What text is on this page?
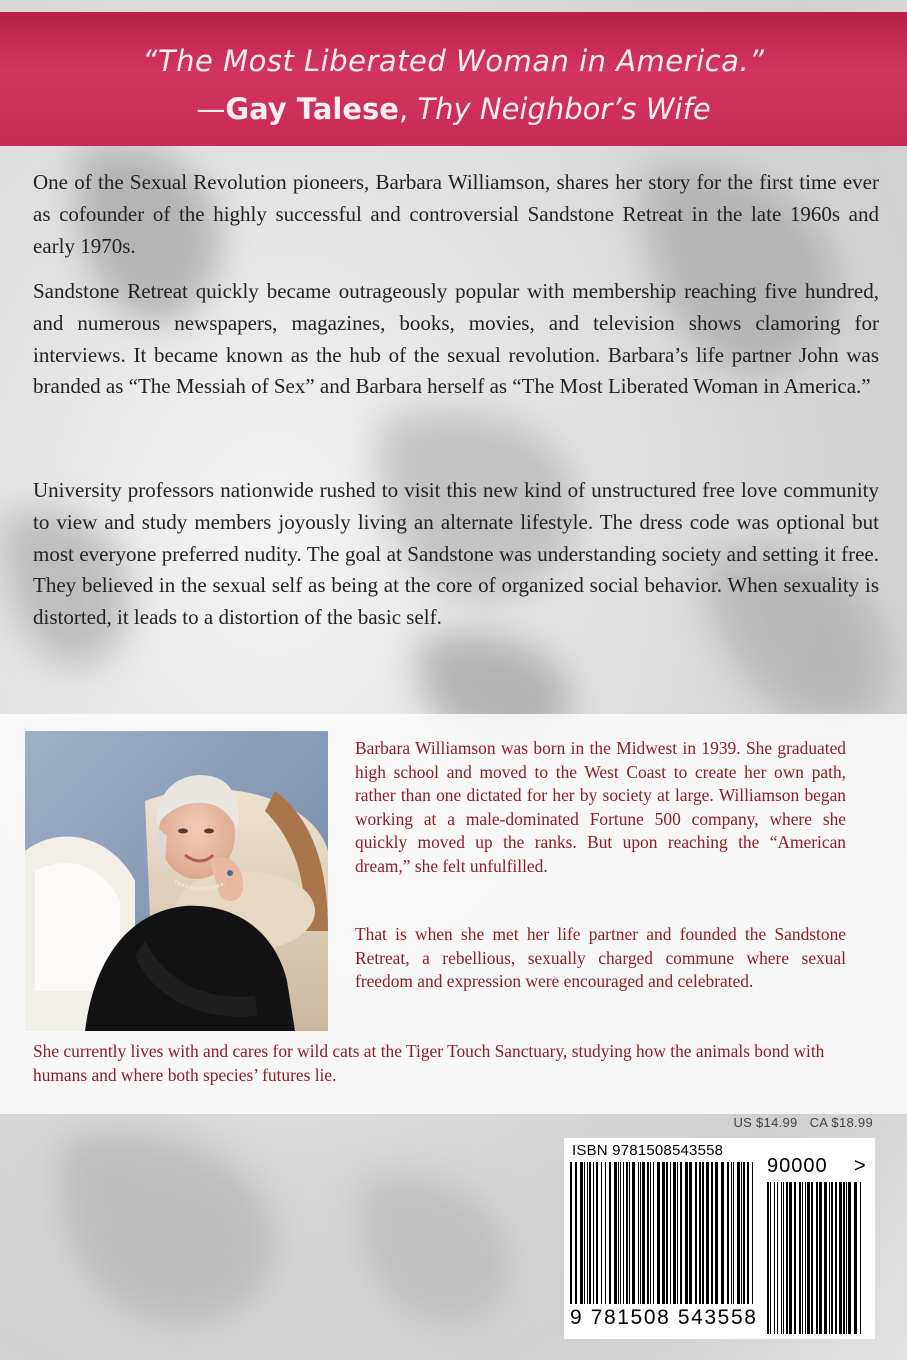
“The Most Liberated Woman in America.”
—Gay Talese, Thy Neighbor’s Wife

One of the Sexual Revolution pioneers, Barbara Williamson, shares her story for the first time ever as cofounder of the highly successful and controversial Sandstone Retreat in the late 1960s and early 1970s.

Sandstone Retreat quickly became outrageously popular with membership reaching five hundred, and numerous newspapers, magazines, books, movies, and television shows clamoring for interviews. It became known as the hub of the sexual revolution. Barbara’s life partner John was branded as “The Messiah of Sex” and Barbara herself as “The Most Liberated Woman in America.”

University professors nationwide rushed to visit this new kind of unstructured free love community to view and study members joyously living an alternate lifestyle. The dress code was optional but most everyone preferred nudity. The goal at Sandstone was understanding society and setting it free. They believed in the sexual self as being at the core of organized social behavior. When sexuality is distorted, it leads to a distortion of the basic self.

Barbara Williamson was born in the Midwest in 1939. She graduated high school and moved to the West Coast to create her own path, rather than one dictated for her by society at large. Williamson began working at a male-dominated Fortune 500 company, where she quickly moved up the ranks. But upon reaching the “American dream,” she felt unfulfilled.

That is when she met her life partner and founded the Sandstone Retreat, a rebellious, sexually charged commune where sexual freedom and expression were encouraged and celebrated.

She currently lives with and cares for wild cats at the Tiger Touch Sanctuary, studying how the animals bond with humans and where both species’ futures lie.

US $14.99 CA $18.99
ISBN 9781508543558
90000 >
9 781508 543558
